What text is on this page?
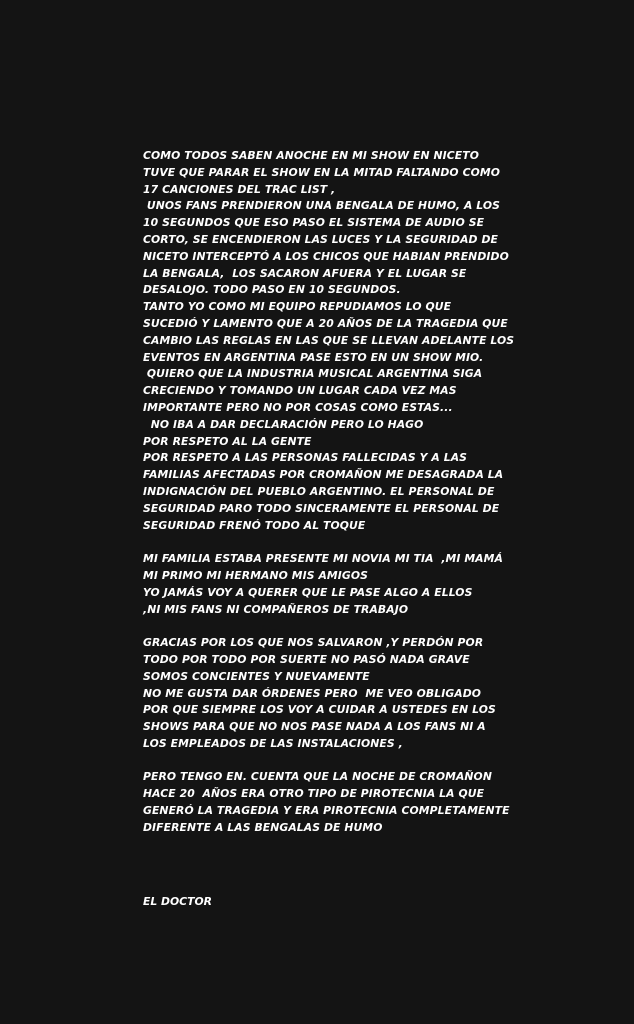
COMO TODOS SABEN ANOCHE EN MI SHOW EN NICETO
TUVE QUE PARAR EL SHOW EN LA MITAD FALTANDO COMO
17 CANCIONES DEL TRAC LIST ,
UNOS FANS PRENDIERON UNA BENGALA DE HUMO, A LOS
10 SEGUNDOS QUE ESO PASO EL SISTEMA DE AUDIO SE
CORTO, SE ENCENDIERON LAS LUCES Y LA SEGURIDAD DE
NICETO INTERCEPTÓ A LOS CHICOS QUE HABIAN PRENDIDO
LA BENGALA,  LOS SACARON AFUERA Y EL LUGAR SE
DESALOJO. TODO PASO EN 10 SEGUNDOS.
TANTO YO COMO MI EQUIPO REPUDIAMOS LO QUE
SUCEDIÓ Y LAMENTO QUE A 20 AÑOS DE LA TRAGEDIA QUE
CAMBIO LAS REGLAS EN LAS QUE SE LLEVAN ADELANTE LOS
EVENTOS EN ARGENTINA PASE ESTO EN UN SHOW MIO.
QUIERO QUE LA INDUSTRIA MUSICAL ARGENTINA SIGA
CRECIENDO Y TOMANDO UN LUGAR CADA VEZ MAS
IMPORTANTE PERO NO POR COSAS COMO ESTAS...
NO IBA A DAR DECLARACIÓN PERO LO HAGO
POR RESPETO AL LA GENTE
POR RESPETO A LAS PERSONAS FALLECIDAS Y A LAS
FAMILIAS AFECTADAS POR CROMAÑON ME DESAGRADA LA
INDIGNACIÓN DEL PUEBLO ARGENTINO. EL PERSONAL DE
SEGURIDAD PARO TODO SINCERAMENTE EL PERSONAL DE
SEGURIDAD FRENÓ TODO AL TOQUE
MI FAMILIA ESTABA PRESENTE MI NOVIA MI TIA  ,MI MAMÁ
MI PRIMO MI HERMANO MIS AMIGOS
YO JAMÁS VOY A QUERER QUE LE PASE ALGO A ELLOS
,NI MIS FANS NI COMPAÑEROS DE TRABAJO
GRACIAS POR LOS QUE NOS SALVARON ,Y PERDÓN POR
TODO POR TODO POR SUERTE NO PASÓ NADA GRAVE
SOMOS CONCIENTES Y NUEVAMENTE
NO ME GUSTA DAR ÓRDENES PERO  ME VEO OBLIGADO
POR QUE SIEMPRE LOS VOY A CUIDAR A USTEDES EN LOS
SHOWS PARA QUE NO NOS PASE NADA A LOS FANS NI A
LOS EMPLEADOS DE LAS INSTALACIONES ,
PERO TENGO EN. CUENTA QUE LA NOCHE DE CROMAÑON
HACE 20  AÑOS ERA OTRO TIPO DE PIROTECNIA LA QUE
GENERÓ LA TRAGEDIA Y ERA PIROTECNIA COMPLETAMENTE
DIFERENTE A LAS BENGALAS DE HUMO
EL DOCTOR
